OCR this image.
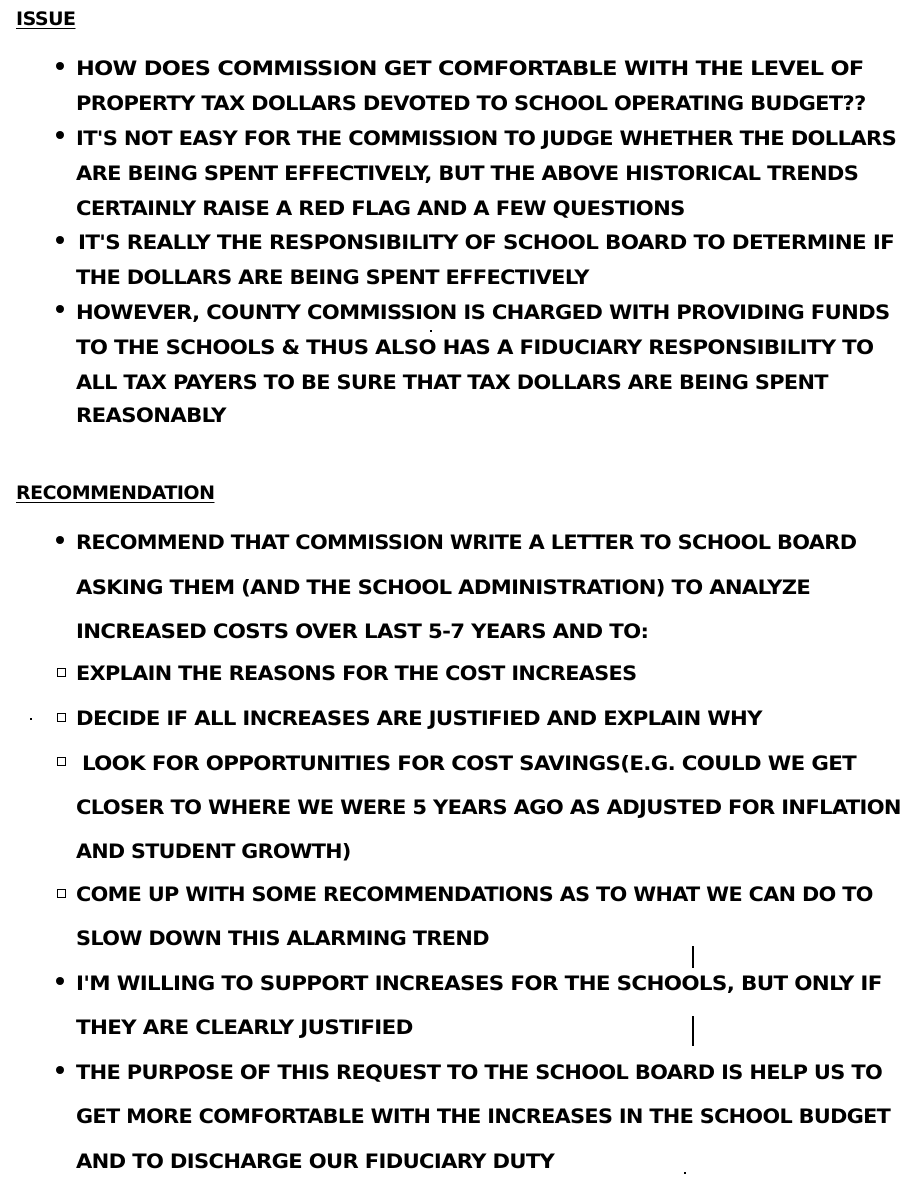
ISSUE
HOW DOES COMMISSION GET COMFORTABLE WITH THE LEVEL OF
PROPERTY TAX DOLLARS DEVOTED TO SCHOOL OPERATING BUDGET??
IT'S NOT EASY FOR THE COMMISSION TO JUDGE WHETHER THE DOLLARS
ARE BEING SPENT EFFECTIVELY, BUT THE ABOVE HISTORICAL TRENDS
CERTAINLY RAISE A RED FLAG AND A FEW QUESTIONS
IT'S REALLY THE RESPONSIBILITY OF SCHOOL BOARD TO DETERMINE IF
THE DOLLARS ARE BEING SPENT EFFECTIVELY
HOWEVER, COUNTY COMMISSION IS CHARGED WITH PROVIDING FUNDS
TO THE SCHOOLS & THUS ALSO HAS A FIDUCIARY RESPONSIBILITY TO
ALL TAX PAYERS TO BE SURE THAT TAX DOLLARS ARE BEING SPENT
REASONABLY
RECOMMENDATION
RECOMMEND THAT COMMISSION WRITE A LETTER TO SCHOOL BOARD
ASKING THEM (AND THE SCHOOL ADMINISTRATION) TO ANALYZE
INCREASED COSTS OVER LAST 5-7 YEARS AND TO:
EXPLAIN THE REASONS FOR THE COST INCREASES
DECIDE IF ALL INCREASES ARE JUSTIFIED AND EXPLAIN WHY
LOOK FOR OPPORTUNITIES FOR COST SAVINGS(E.G. COULD WE GET
CLOSER TO WHERE WE WERE 5 YEARS AGO AS ADJUSTED FOR INFLATION
AND STUDENT GROWTH)
COME UP WITH SOME RECOMMENDATIONS AS TO WHAT WE CAN DO TO
SLOW DOWN THIS ALARMING TREND
I'M WILLING TO SUPPORT INCREASES FOR THE SCHOOLS, BUT ONLY IF
THEY ARE CLEARLY JUSTIFIED
THE PURPOSE OF THIS REQUEST TO THE SCHOOL BOARD IS HELP US TO
GET MORE COMFORTABLE WITH THE INCREASES IN THE SCHOOL BUDGET
AND TO DISCHARGE OUR FIDUCIARY DUTY
